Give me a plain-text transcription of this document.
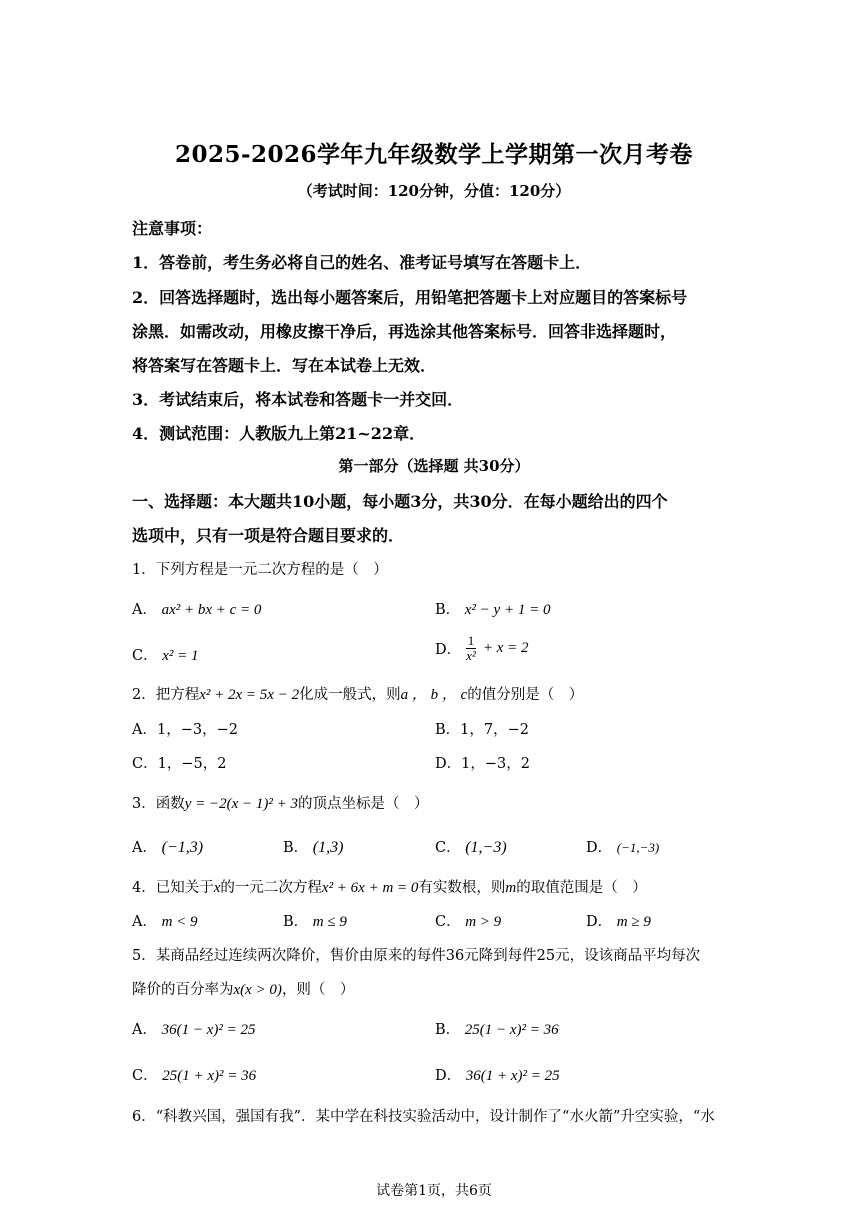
2025-2026学年九年级数学上学期第一次月考卷
（考试时间：120分钟，分值：120分）
注意事项：
1．答卷前，考生务必将自己的姓名、准考证号填写在答题卡上．
2．回答选择题时，选出每小题答案后，用铅笔把答题卡上对应题目的答案标号
涂黑．如需改动，用橡皮擦干净后，再选涂其他答案标号．回答非选择题时，
将答案写在答题卡上．写在本试卷上无效．
3．考试结束后，将本试卷和答题卡一并交回．
4．测试范围：人教版九上第21~22章．
第一部分（选择题 共30分）
一、选择题：本大题共10小题，每小题3分，共30分．在每小题给出的四个
选项中，只有一项是符合题目要求的．
1．下列方程是一元二次方程的是（　）
A． ax² + bx + c = 0	B． x² − y + 1 = 0
C． x² = 1	D． $\frac{1}{\text{x²}} + x = 2$
2．把方程x² + 2x = 5x − 2化成一般式，则a ， b ， c的值分别是（　）
A．1，−3，−2	B．1，7，−2
C．1，−5，2	D．1，−3，2
3．函数y = −2(x − 1)² + 3的顶点坐标是（　）
A． (−1,3)	B． (1,3)	C． (1,−3)	D． (−1,−3)
4．已知关于x的一元二次方程x² + 6x + m = 0有实数根，则m的取值范围是（　）
A． m < 9	B． m ≤ 9	C． m > 9	D． m ≥ 9
5．某商品经过连续两次降价，售价由原来的每件36元降到每件25元，设该商品平均每次
降价的百分率为x(x > 0)，则（　）
A． 36(1 − x)² = 25	B． 25(1 − x)² = 36
C． 25(1 + x)² = 36	D． 36(1 + x)² = 25
6．“科教兴国，强国有我”．某中学在科技实验活动中，设计制作了“水火箭”升空实验，“水
试卷第1页，共6页
